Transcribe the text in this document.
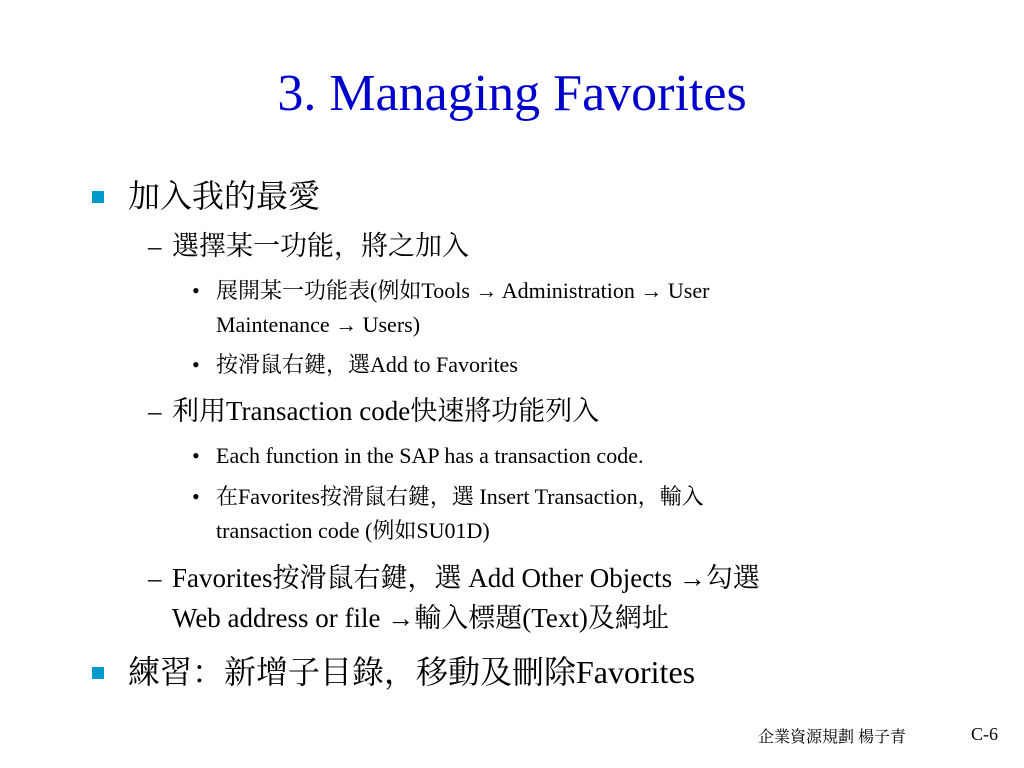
3. Managing Favorites
加入我的最愛
– 選擇某一功能，將之加入
• 展開某一功能表(例如Tools → Administration → User
Maintenance → Users)
• 按滑鼠右鍵，選Add to Favorites
– 利用Transaction code快速將功能列入
• Each function in the SAP has a transaction code.
• 在Favorites按滑鼠右鍵，選 Insert Transaction，輸入
transaction code (例如SU01D)
– Favorites按滑鼠右鍵，選 Add Other Objects →勾選
Web address or file →輸入標題(Text)及網址
練習：新增子目錄，移動及刪除Favorites
企業資源規劃 楊子青	C-6
